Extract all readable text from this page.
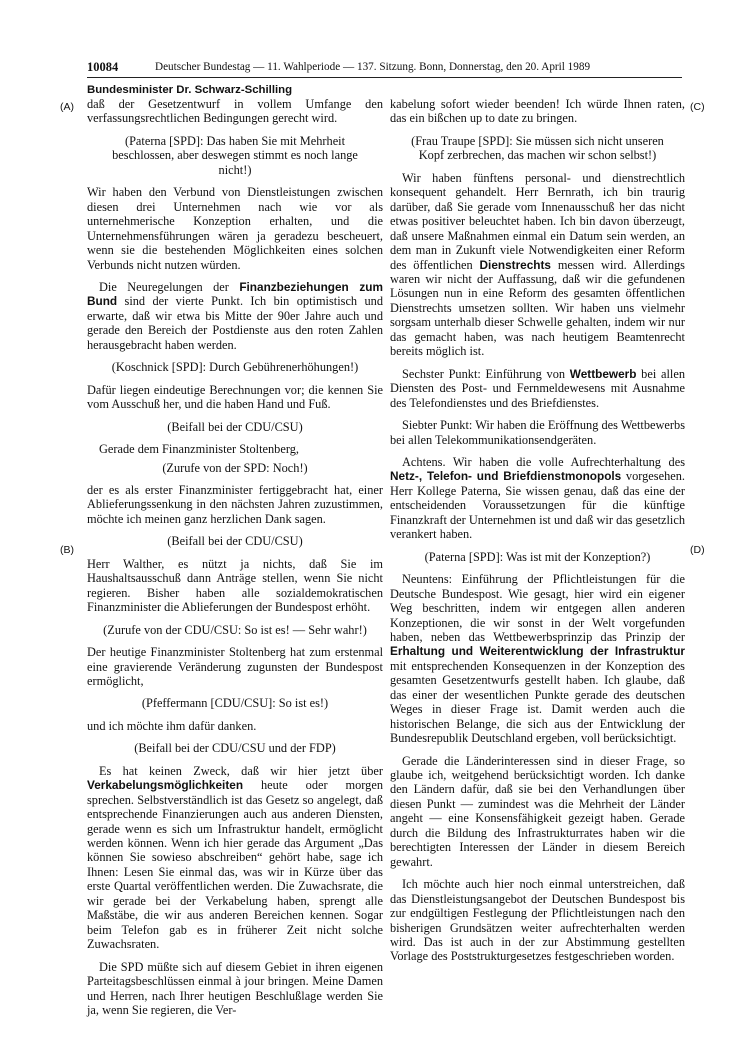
10084	Deutscher Bundestag — 11. Wahlperiode — 137. Sitzung. Bonn, Donnerstag, den 20. April 1989
Bundesminister Dr. Schwarz-Schilling
(A)
(B)
(C)
(D)

daß der Gesetzentwurf in vollem Umfange den verfassungsrechtlichen Bedingungen gerecht wird.

(Paterna [SPD]: Das haben Sie mit Mehrheit beschlossen, aber deswegen stimmt es noch lange nicht!)

Wir haben den Verbund von Dienstleistungen zwischen diesen drei Unternehmen nach wie vor als unternehmerische Konzeption erhalten, und die Unternehmensführungen wären ja geradezu bescheuert, wenn sie die bestehenden Möglichkeiten eines solchen Verbunds nicht nutzen würden.

Die Neuregelungen der Finanzbeziehungen zum Bund sind der vierte Punkt. Ich bin optimistisch und erwarte, daß wir etwa bis Mitte der 90er Jahre auch und gerade den Bereich der Postdienste aus den roten Zahlen herausgebracht haben werden.

(Koschnick [SPD]: Durch Gebührenerhöhungen!)

Dafür liegen eindeutige Berechnungen vor; die kennen Sie vom Ausschuß her, und die haben Hand und Fuß.

(Beifall bei der CDU/CSU)

Gerade dem Finanzminister Stoltenberg,

(Zurufe von der SPD: Noch!)

der es als erster Finanzminister fertiggebracht hat, einer Ablieferungssenkung in den nächsten Jahren zuzustimmen, möchte ich meinen ganz herzlichen Dank sagen.

(Beifall bei der CDU/CSU)

Herr Walther, es nützt ja nichts, daß Sie im Haushaltsausschuß dann Anträge stellen, wenn Sie nicht regieren. Bisher haben alle sozialdemokratischen Finanzminister die Ablieferungen der Bundespost erhöht.

(Zurufe von der CDU/CSU: So ist es! — Sehr wahr!)

Der heutige Finanzminister Stoltenberg hat zum erstenmal eine gravierende Veränderung zugunsten der Bundespost ermöglicht,

(Pfeffermann [CDU/CSU]: So ist es!)

und ich möchte ihm dafür danken.

(Beifall bei der CDU/CSU und der FDP)

Es hat keinen Zweck, daß wir hier jetzt über Verkabelungsmöglichkeiten heute oder morgen sprechen. Selbstverständlich ist das Gesetz so angelegt, daß entsprechende Finanzierungen auch aus anderen Diensten, gerade wenn es sich um Infrastruktur handelt, ermöglicht werden können. Wenn ich hier gerade das Argument „Das können Sie sowieso abschreiben“ gehört habe, sage ich Ihnen: Lesen Sie einmal das, was wir in Kürze über das erste Quartal veröffentlichen werden. Die Zuwachsrate, die wir gerade bei der Verkabelung haben, sprengt alle Maßstäbe, die wir aus anderen Bereichen kennen. Sogar beim Telefon gab es in früherer Zeit nicht solche Zuwachsraten.

Die SPD müßte sich auf diesem Gebiet in ihren eigenen Parteitagsbeschlüssen einmal à jour bringen. Meine Damen und Herren, nach Ihrer heutigen Beschlußlage werden Sie ja, wenn Sie regieren, die Ver-

kabelung sofort wieder beenden! Ich würde Ihnen raten, das ein bißchen up to date zu bringen.

(Frau Traupe [SPD]: Sie müssen sich nicht unseren Kopf zerbrechen, das machen wir schon selbst!)

Wir haben fünftens personal- und dienstrechtlich konsequent gehandelt. Herr Bernrath, ich bin traurig darüber, daß Sie gerade vom Innenausschuß her das nicht etwas positiver beleuchtet haben. Ich bin davon überzeugt, daß unsere Maßnahmen einmal ein Datum sein werden, an dem man in Zukunft viele Notwendigkeiten einer Reform des öffentlichen Dienstrechts messen wird. Allerdings waren wir nicht der Auffassung, daß wir die gefundenen Lösungen nun in eine Reform des gesamten öffentlichen Dienstrechts umsetzen sollten. Wir haben uns vielmehr sorgsam unterhalb dieser Schwelle gehalten, indem wir nur das gemacht haben, was nach heutigem Beamtenrecht bereits möglich ist.

Sechster Punkt: Einführung von Wettbewerb bei allen Diensten des Post- und Fernmeldewesens mit Ausnahme des Telefondienstes und des Briefdienstes.

Siebter Punkt: Wir haben die Eröffnung des Wettbewerbs bei allen Telekommunikationsendgeräten.

Achtens. Wir haben die volle Aufrechterhaltung des Netz-, Telefon- und Briefdienstmonopols vorgesehen. Herr Kollege Paterna, Sie wissen genau, daß das eine der entscheidenden Voraussetzungen für die künftige Finanzkraft der Unternehmen ist und daß wir das gesetzlich verankert haben.

(Paterna [SPD]: Was ist mit der Konzeption?)

Neuntens: Einführung der Pflichtleistungen für die Deutsche Bundespost. Wie gesagt, hier wird ein eigener Weg beschritten, indem wir entgegen allen anderen Konzeptionen, die wir sonst in der Welt vorgefunden haben, neben das Wettbewerbsprinzip das Prinzip der Erhaltung und Weiterentwicklung der Infrastruktur mit entsprechenden Konsequenzen in der Konzeption des gesamten Gesetzentwurfs gestellt haben. Ich glaube, daß das einer der wesentlichen Punkte gerade des deutschen Weges in dieser Frage ist. Damit werden auch die historischen Belange, die sich aus der Entwicklung der Bundesrepublik Deutschland ergeben, voll berücksichtigt.

Gerade die Länderinteressen sind in dieser Frage, so glaube ich, weitgehend berücksichtigt worden. Ich danke den Ländern dafür, daß sie bei den Verhandlungen über diesen Punkt — zumindest was die Mehrheit der Länder angeht — eine Konsensfähigkeit gezeigt haben. Gerade durch die Bildung des Infrastrukturrates haben wir die berechtigten Interessen der Länder in diesem Bereich gewahrt.

Ich möchte auch hier noch einmal unterstreichen, daß das Dienstleistungsangebot der Deutschen Bundespost bis zur endgültigen Festlegung der Pflichtleistungen nach den bisherigen Grundsätzen weiter aufrechterhalten werden wird. Das ist auch in der zur Abstimmung gestellten Vorlage des Poststrukturgesetzes festgeschrieben worden.
